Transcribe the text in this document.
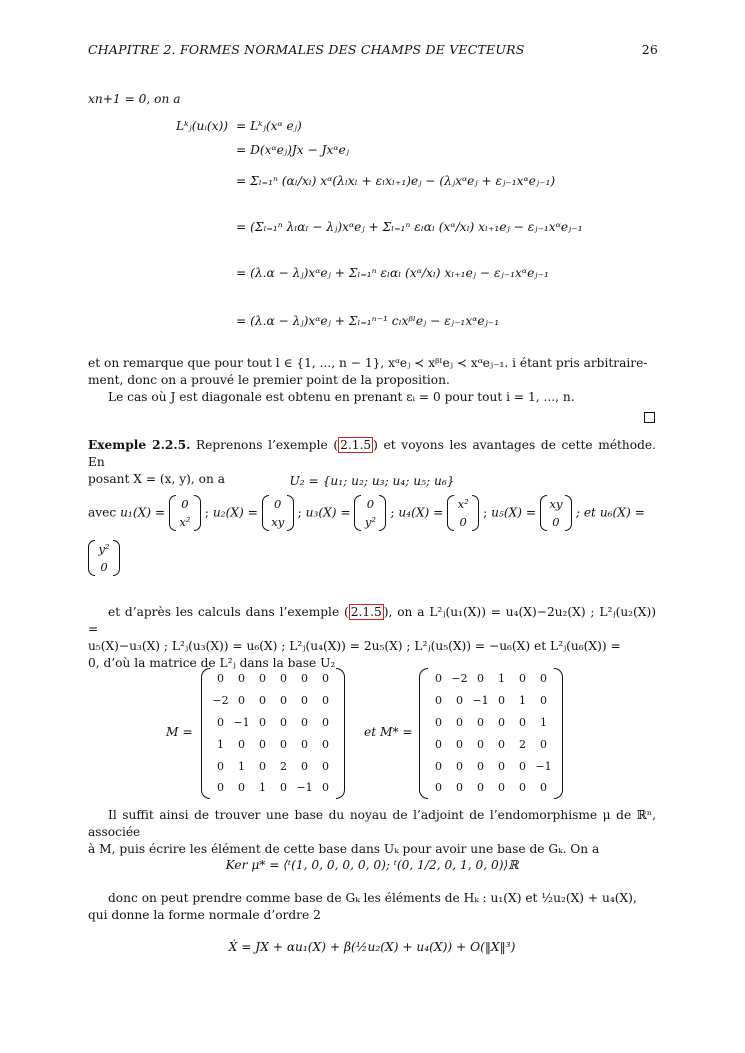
CHAPITRE 2. FORMES NORMALES DES CHAMPS DE VECTEURS	26
xn+1 = 0, on a
Lᵏⱼ(uᵢ(x)) = Lᵏⱼ(xᵅ eⱼ)
= D(xᵅeⱼ)Jx − Jxᵅeⱼ
= Σₗ₌₁ⁿ (αₗ/xₗ) xᵅ(λₗxₗ + εₗxₗ₊₁)eⱼ − (λⱼxᵅeⱼ + εⱼ₋₁xᵅeⱼ₋₁)
= (Σₗ₌₁ⁿ λₗαₗ − λⱼ)xᵅeⱼ + Σₗ₌₁ⁿ εₗαₗ (xᵅ/xₗ) xₗ₊₁eⱼ − εⱼ₋₁xᵅeⱼ₋₁
= (λ.α − λⱼ)xᵅeⱼ + Σₗ₌₁ⁿ εₗαₗ (xᵅ/xₗ) xₗ₊₁eⱼ − εⱼ₋₁xᵅeⱼ₋₁
= (λ.α − λⱼ)xᵅeⱼ + Σₗ₌₁ⁿ⁻¹ cₗxᵝˡeⱼ − εⱼ₋₁xᵅeⱼ₋₁
et on remarque que pour tout l ∈ {1, ..., n − 1}, xᵅeⱼ ≺ xᵝˡeⱼ ≺ xᵅeⱼ₋₁. i étant pris arbitraire-
ment, donc on a prouvé le premier point de la proposition.
Le cas où J est diagonale est obtenu en prenant εᵢ = 0 pour tout i = 1, ..., n.
Exemple 2.2.5. Reprenons l’exemple ( 2.1.5 ) et voyons les avantages de cette méthode. En
posant X = (x, y), on a	U₂ = {u₁; u₂; u₃; u₄; u₅; u₆}
avec u₁(X) =
0
x²
; u₂(X) =
0
xy
; u₃(X) =
0
y²
; u₄(X) =
x²
0
; u₅(X) =
xy
0
; et u₆(X) =
y²
0
et d’après les calculs dans l’exemple ( 2.1.5 ), on a L²ⱼ(u₁(X)) = u₄(X)−2u₂(X) ; L²ⱼ(u₂(X)) =
u₅(X)−u₃(X) ; L²ⱼ(u₃(X)) = u₆(X) ; L²ⱼ(u₄(X)) = 2u₅(X) ; L²ⱼ(u₅(X)) = −u₆(X) et L²ⱼ(u₆(X)) =
0, d’où la matrice de L²ⱼ dans la base U₂
M =
0	0	0	0	0	0
−2	0	0	0	0	0
0	−1	0	0	0	0
1	0	0	0	0	0
0	1	0	2	0	0
0	0	1	0	−1	0
et M* =
0	−2	0	1	0	0
0	0	−1	0	1	0
0	0	0	0	0	1
0	0	0	0	2	0
0	0	0	0	0	−1
0	0	0	0	0	0
Il suffit ainsi de trouver une base du noyau de l’adjoint de l’endomorphisme μ de ℝⁿ, associée
à M, puis écrire les élément de cette base dans Uₖ pour avoir une base de Gₖ. On a
Ker μ* = ⟨ᵗ(1, 0, 0, 0, 0, 0); ᵗ(0, 1/2, 0, 1, 0, 0)⟩ℝ
donc on peut prendre comme base de Gₖ les éléments de Hₖ : u₁(X) et ½u₂(X) + u₄(X),
qui donne la forme normale d’ordre 2
Ẋ = JX + αu₁(X) + β(½u₂(X) + u₄(X)) + O(‖X‖³)
